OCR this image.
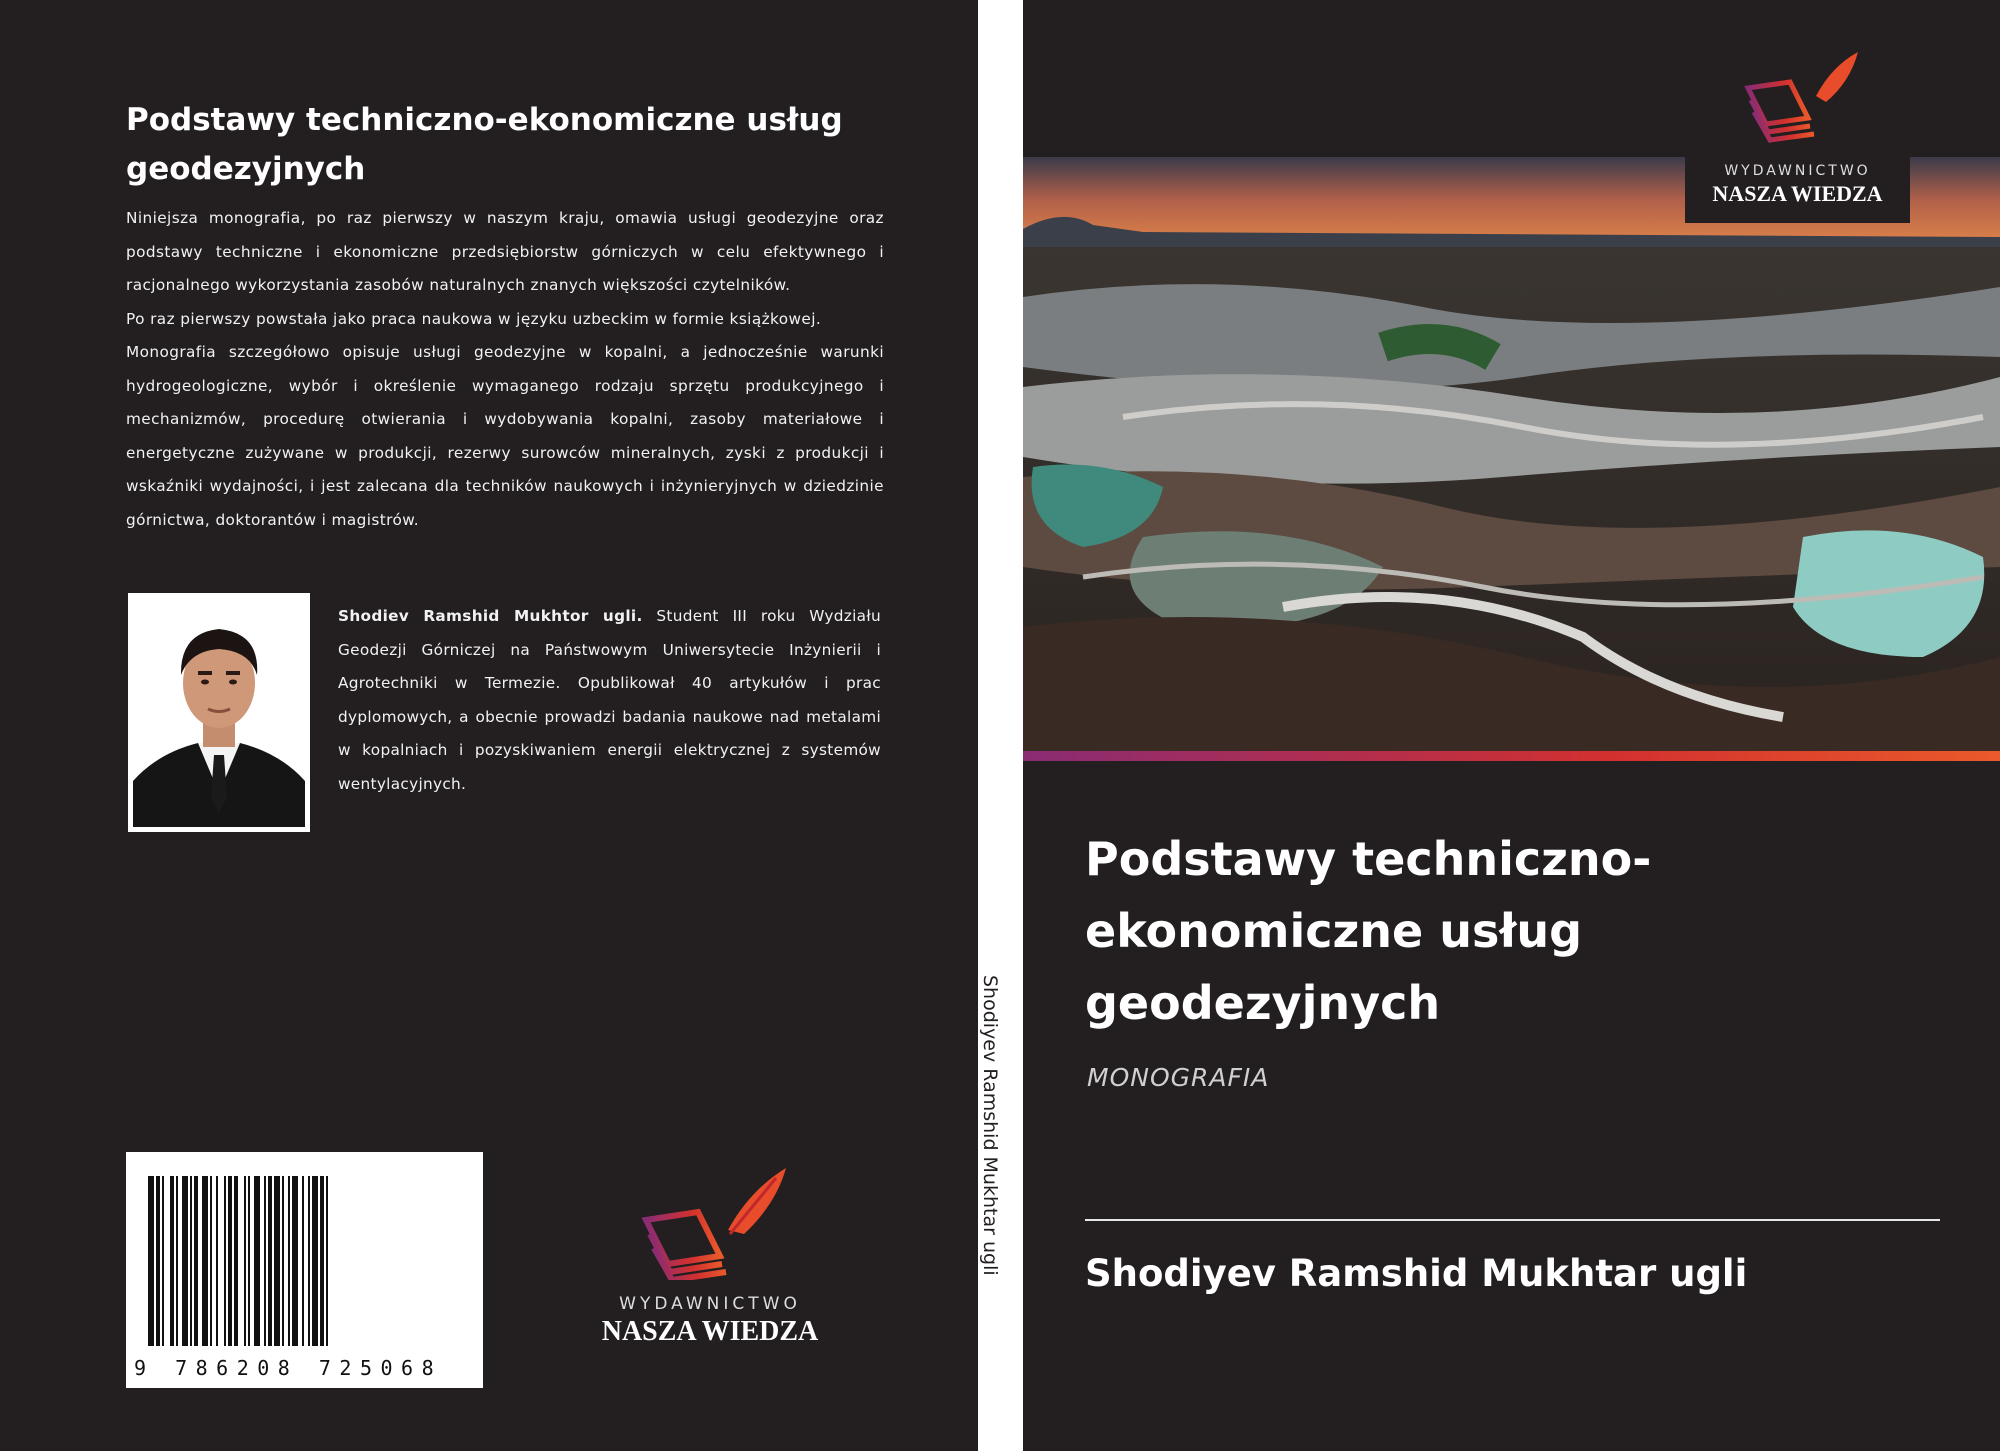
Podstawy techniczno-ekonomiczne usług geodezyjnych

Niniejsza monografia, po raz pierwszy w naszym kraju, omawia usługi geodezyjne oraz podstawy techniczne i ekonomiczne przedsiębiorstw górniczych w celu efektywnego i racjonalnego wykorzystania zasobów naturalnych znanych większości czytelników.

Po raz pierwszy powstała jako praca naukowa w języku uzbeckim w formie książkowej.

Monografia szczegółowo opisuje usługi geodezyjne w kopalni, a jednocześnie warunki hydrogeologiczne, wybór i określenie wymaganego rodzaju sprzętu produkcyjnego i mechanizmów, procedurę otwierania i wydobywania kopalni, zasoby materiałowe i energetyczne zużywane w produkcji, rezerwy surowców mineralnych, zyski z produkcji i wskaźniki wydajności, i jest zalecana dla techników naukowych i inżynieryjnych w dziedzinie górnictwa, doktorantów i magistrów.

Shodiev Ramshid Mukhtor ugli. Student III roku Wydziału Geodezji Górniczej na Państwowym Uniwersytecie Inżynierii i Agrotechniki w Termezie. Opublikował 40 artykułów i prac dyplomowych, a obecnie prowadzi badania naukowe nad metalami w kopalniach i pozyskiwaniem energii elektrycznej z systemów wentylacyjnych.
9 786208 725068
WYDAWNICTWO
NASZA WIEDZA
Shodiyev Ramshid Mukhtar ugli
WYDAWNICTWO
NASZA WIEDZA
Podstawy techniczno-ekonomiczne usług geodezyjnych
MONOGRAFIA
Shodiyev Ramshid Mukhtar ugli
